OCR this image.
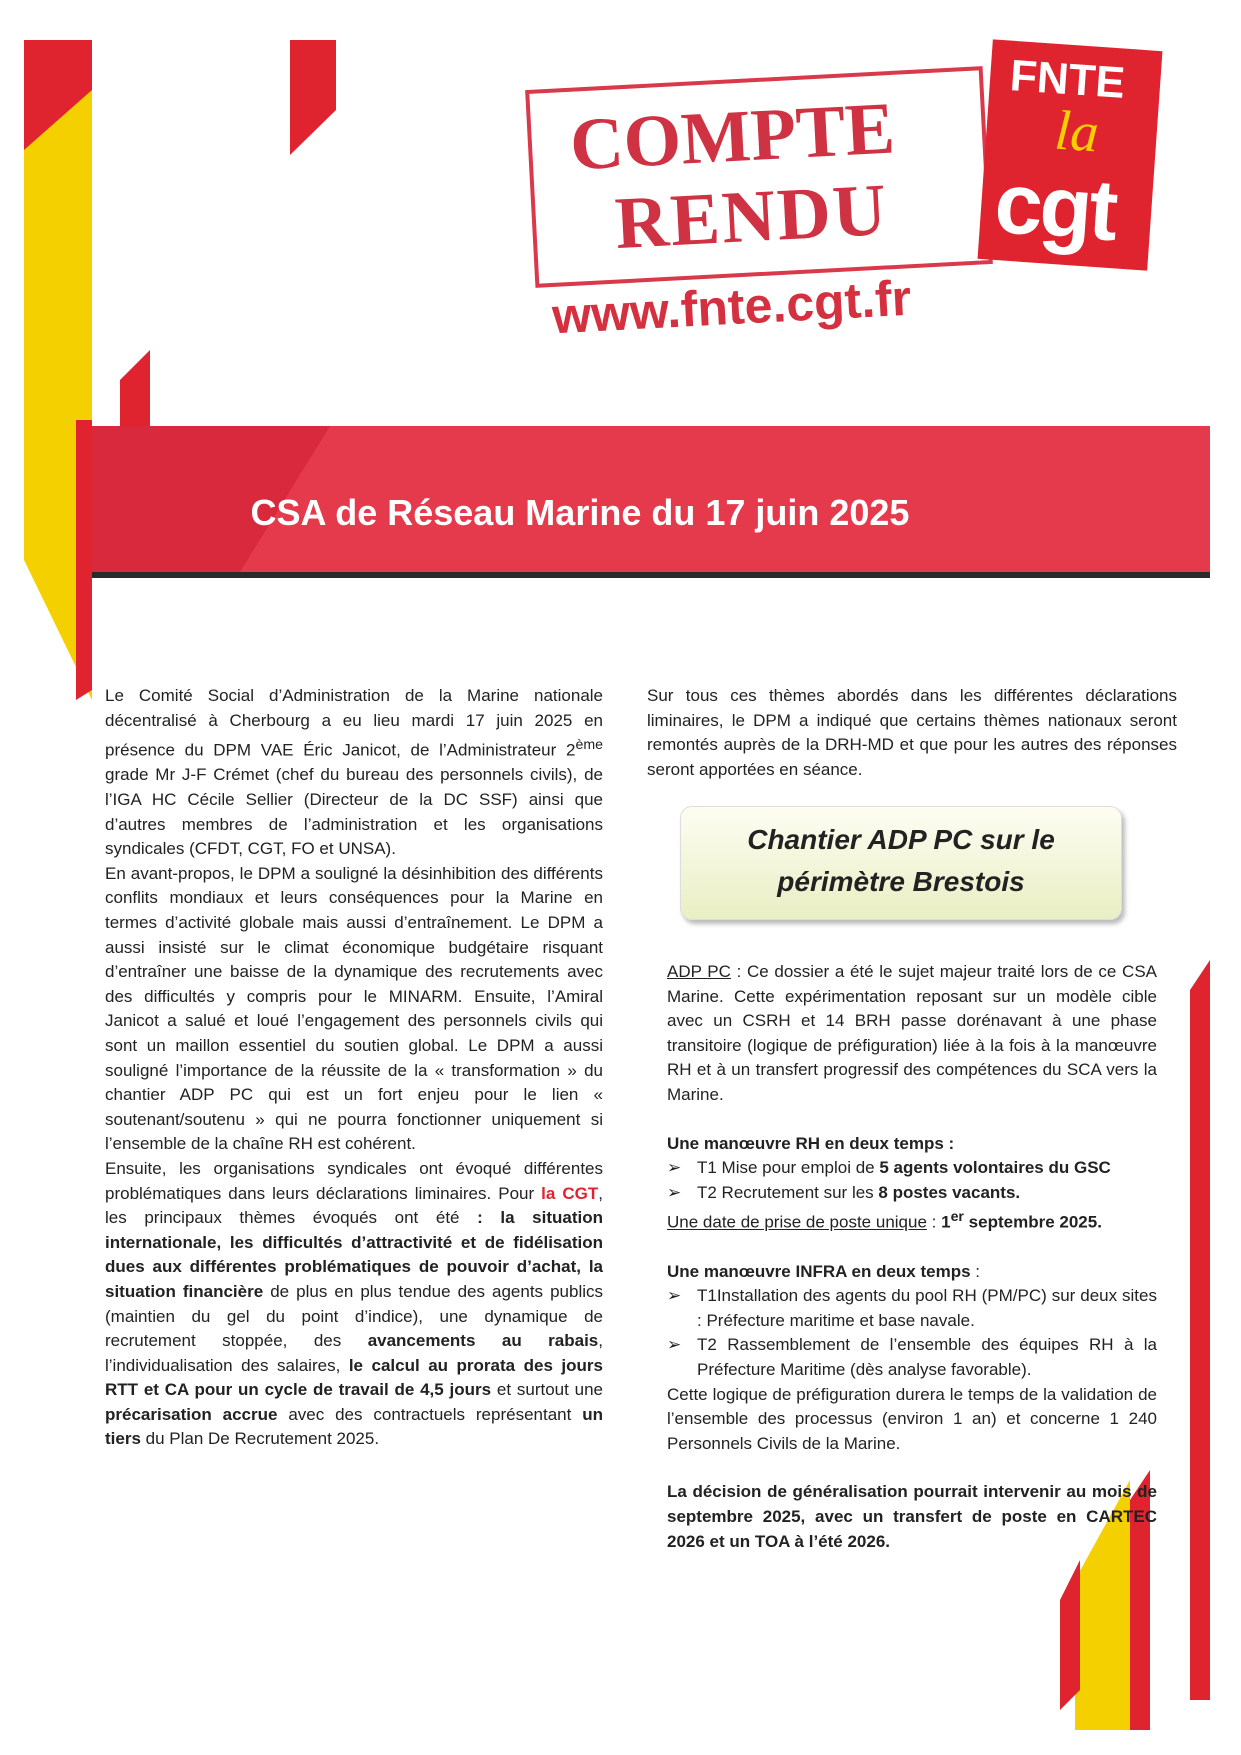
COMPTE
RENDU
FNTE
la
cgt
www.fnte.cgt.fr
CSA de Réseau Marine du 17 juin 2025

Le Comité Social d’Administration de la Marine nationale décentralisé à Cherbourg a eu lieu mardi 17 juin 2025 en présence du DPM VAE Éric Janicot, de l’Administrateur 2ème grade Mr J-F Crémet (chef du bureau des personnels civils), de l’IGA HC Cécile Sellier (Directeur de la DC SSF) ainsi que d’autres membres de l’administration et les organisations syndicales (CFDT, CGT, FO et UNSA).

En avant-propos, le DPM a souligné la désinhibition des différents conflits mondiaux et leurs conséquences pour la Marine en termes d’activité globale mais aussi d’entraînement. Le DPM a aussi insisté sur le climat économique budgétaire risquant d’entraîner une baisse de la dynamique des recrutements avec des difficultés y compris pour le MINARM. Ensuite, l’Amiral Janicot a salué et loué l’engagement des personnels civils qui sont un maillon essentiel du soutien global. Le DPM a aussi souligné l’importance de la réussite de la « transformation » du chantier ADP PC qui est un fort enjeu pour le lien « soutenant/soutenu » qui ne pourra fonctionner uniquement si l’ensemble de la chaîne RH est cohérent.

Ensuite, les organisations syndicales ont évoqué différentes problématiques dans leurs déclarations liminaires. Pour la CGT, les principaux thèmes évoqués ont été : la situation internationale, les difficultés d’attractivité et de fidélisation dues aux différentes problématiques de pouvoir d’achat, la situation financière de plus en plus tendue des agents publics (maintien du gel du point d’indice), une dynamique de recrutement stoppée, des avancements au rabais, l’individualisation des salaires, le calcul au prorata des jours RTT et CA pour un cycle de travail de 4,5 jours et surtout une précarisation accrue avec des contractuels représentant un tiers du Plan De Recrutement 2025.

Sur tous ces thèmes abordés dans les différentes déclarations liminaires, le DPM a indiqué que certains thèmes nationaux seront remontés auprès de la DRH-MD et que pour les autres des réponses seront apportées en séance.

Chantier ADP PC sur le
périmètre Brestois

ADP PC : Ce dossier a été le sujet majeur traité lors de ce CSA Marine. Cette expérimentation reposant sur un modèle cible avec un CSRH et 14 BRH passe dorénavant à une phase transitoire (logique de préfiguration) liée à la fois à la manœuvre RH et à un transfert progressif des compétences du SCA vers la Marine.

Une manœuvre RH en deux temps :

➢ T1 Mise pour emploi de 5 agents volontaires du GSC
➢ T2 Recrutement sur les 8 postes vacants.

Une date de prise de poste unique : 1er septembre 2025.

Une manœuvre INFRA en deux temps :

➢ T1Installation des agents du pool RH (PM/PC) sur deux sites : Préfecture maritime et base navale.
➢ T2 Rassemblement de l’ensemble des équipes RH à la Préfecture Maritime (dès analyse favorable).

Cette logique de préfiguration durera le temps de la validation de l’ensemble des processus (environ 1 an) et concerne 1 240 Personnels Civils de la Marine.

La décision de généralisation pourrait intervenir au mois de septembre 2025, avec un transfert de poste en CARTEC 2026 et un TOA à l’été 2026.
